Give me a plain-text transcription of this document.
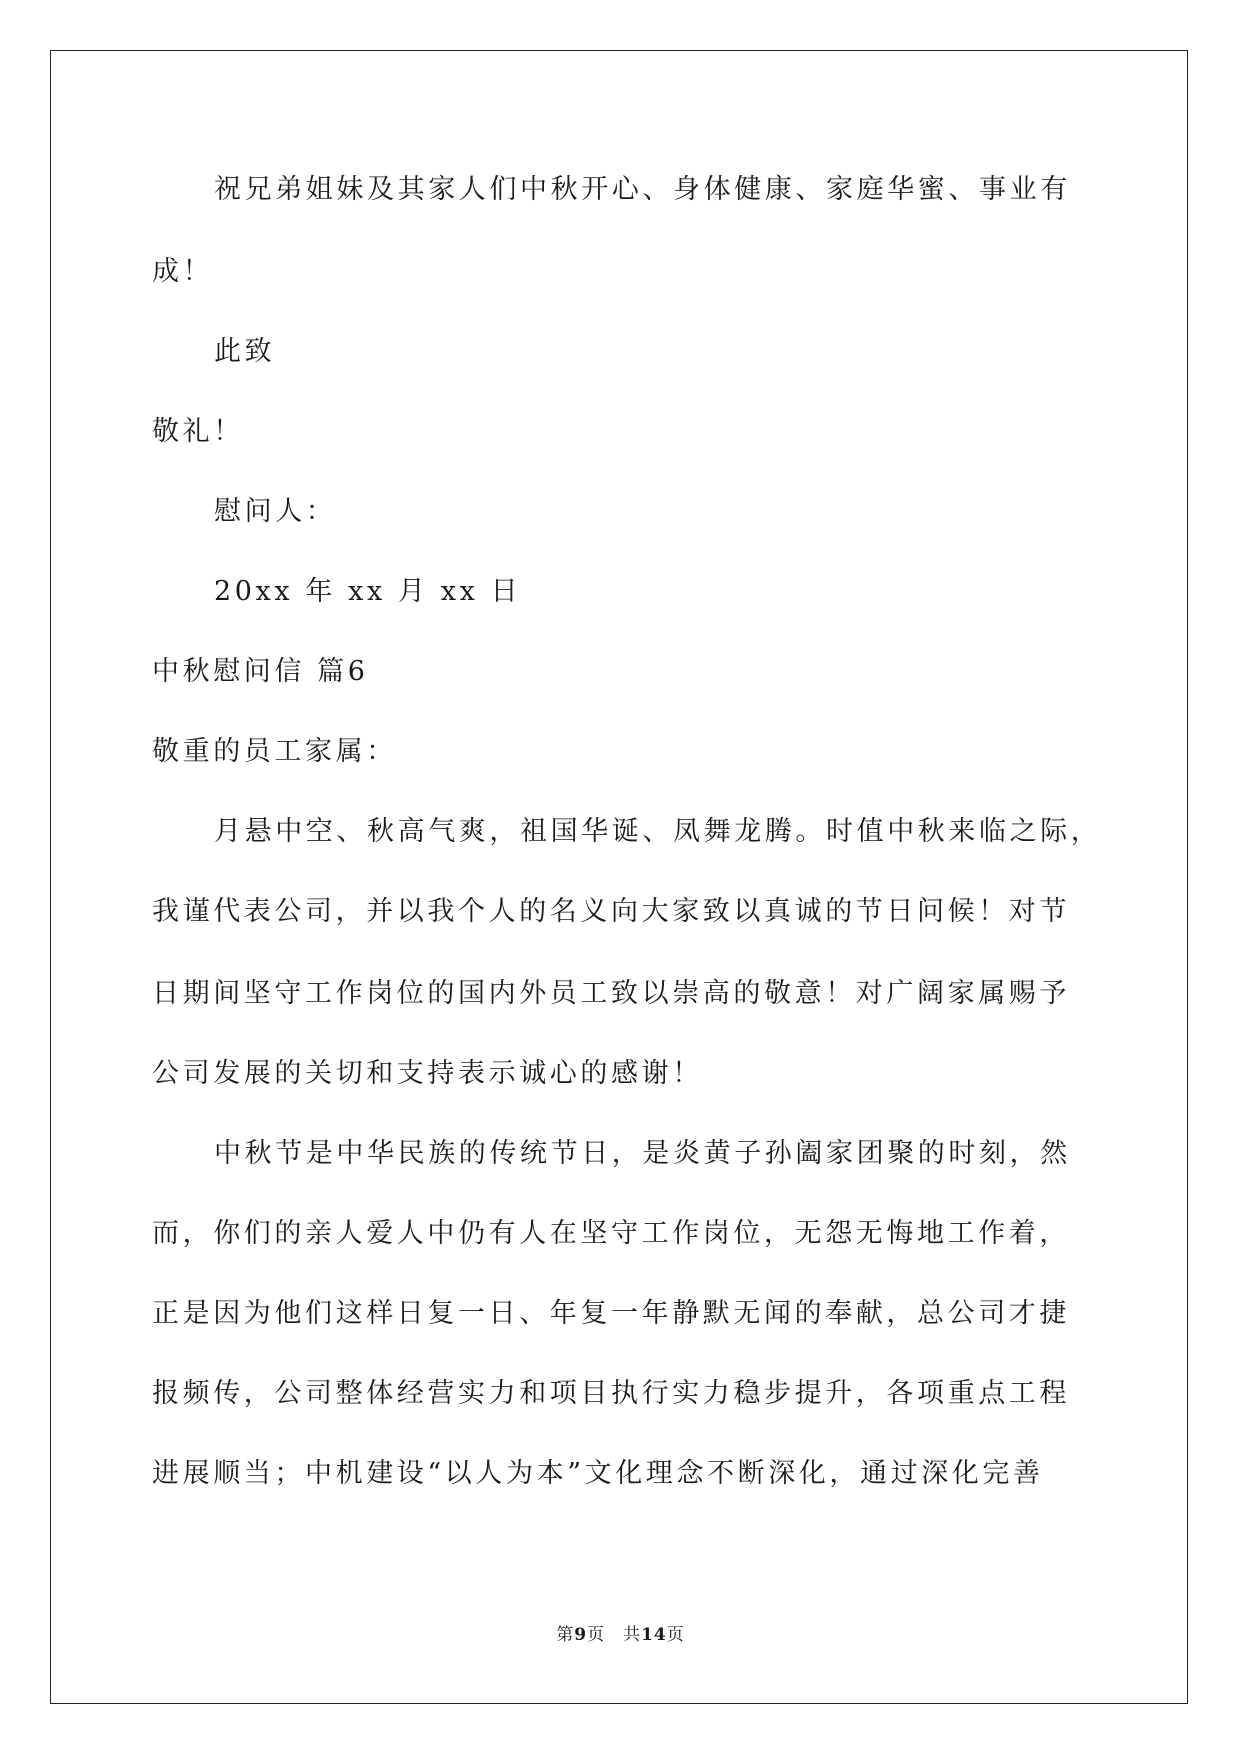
祝兄弟姐妹及其家人们中秋开心、身体健康、家庭华蜜、事业有
成！
此致
敬礼！
慰问人：
20xx 年 xx 月 xx 日
中秋慰问信 篇6
敬重的员工家属：
月悬中空、秋高气爽，祖国华诞、凤舞龙腾。时值中秋来临之际，
我谨代表公司，并以我个人的名义向大家致以真诚的节日问候！对节
日期间坚守工作岗位的国内外员工致以崇高的敬意！对广阔家属赐予
公司发展的关切和支持表示诚心的感谢！
中秋节是中华民族的传统节日，是炎黄子孙阖家团聚的时刻，然
而，你们的亲人爱人中仍有人在坚守工作岗位，无怨无悔地工作着，
正是因为他们这样日复一日、年复一年静默无闻的奉献，总公司才捷
报频传，公司整体经营实力和项目执行实力稳步提升，各项重点工程
进展顺当；中机建设“以人为本”文化理念不断深化，通过深化完善
第9页　共14页
